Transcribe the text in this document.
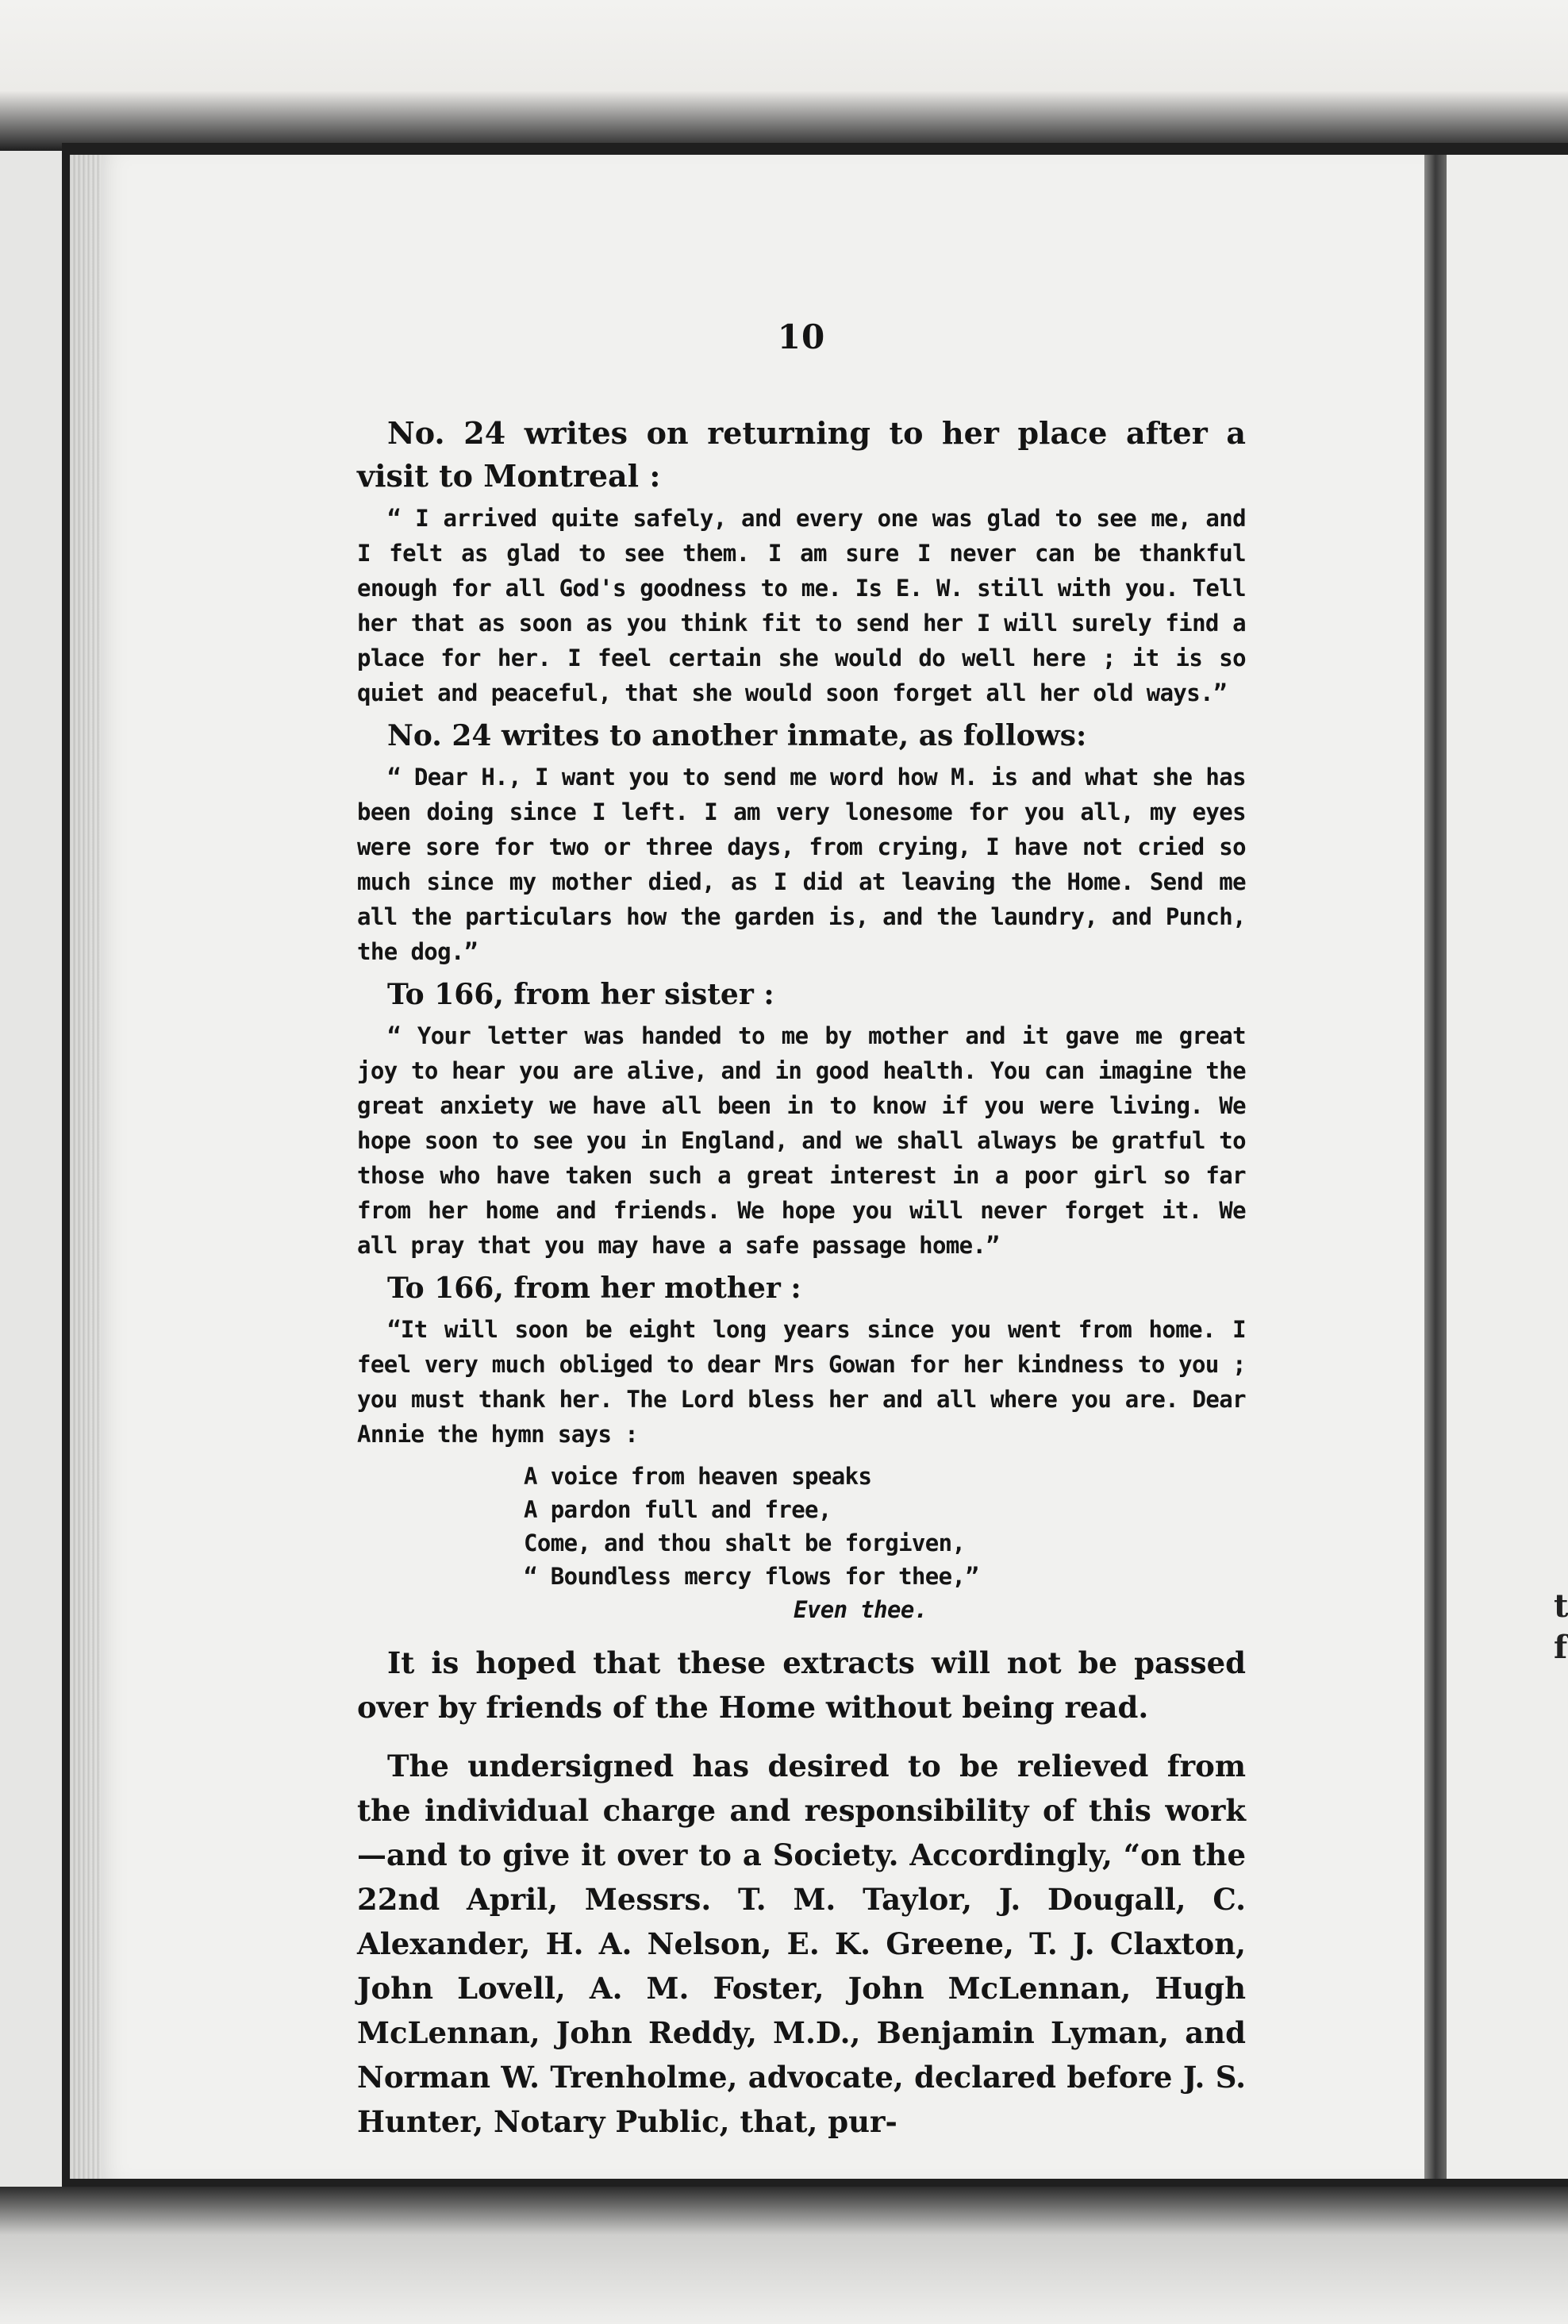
t
f
10

No. 24 writes on returning to her place after a visit to Montreal :

“ I arrived quite safely, and every one was glad to see me, and I felt as glad to see them. I am sure I never can be thankful enough for all God's goodness to me. Is E. W. still with you. Tell her that as soon as you think fit to send her I will surely find a place for her. I feel certain she would do well here ; it is so quiet and peaceful, that she would soon forget all her old ways.”

No. 24 writes to another inmate, as follows:

“ Dear H., I want you to send me word how M. is and what she has been doing since I left. I am very lonesome for you all, my eyes were sore for two or three days, from crying, I have not cried so much since my mother died, as I did at leaving the Home. Send me all the particulars how the garden is, and the laundry, and Punch, the dog.”

To 166, from her sister :

“ Your letter was handed to me by mother and it gave me great joy to hear you are alive, and in good health. You can imagine the great anxiety we have all been in to know if you were living. We hope soon to see you in England, and we shall always be gratful to those who have taken such a great interest in a poor girl so far from her home and friends. We hope you will never forget it. We all pray that you may have a safe passage home.”

To 166, from her mother :

“It will soon be eight long years since you went from home. I feel very much obliged to dear Mrs Gowan for her kindness to you ; you must thank her. The Lord bless her and all where you are. Dear Annie the hymn says :

A voice from heaven speaks
A pardon full and free,
Come, and thou shalt be forgiven,
“ Boundless mercy flows for thee,”
Even thee.

It is hoped that these extracts will not be passed over by friends of the Home without being read.

The undersigned has desired to be relieved from the individual charge and responsibility of this work—and to give it over to a Society. Accordingly, “on the 22nd April, Messrs. T. M. Taylor, J. Dougall, C. Alexander, H. A. Nelson, E. K. Greene, T. J. Claxton, John Lovell, A. M. Foster, John McLennan, Hugh McLennan, John Reddy, M.D., Benjamin Lyman, and Norman W. Trenholme, advocate, declared before J. S. Hunter, Notary Public, that, pur-
